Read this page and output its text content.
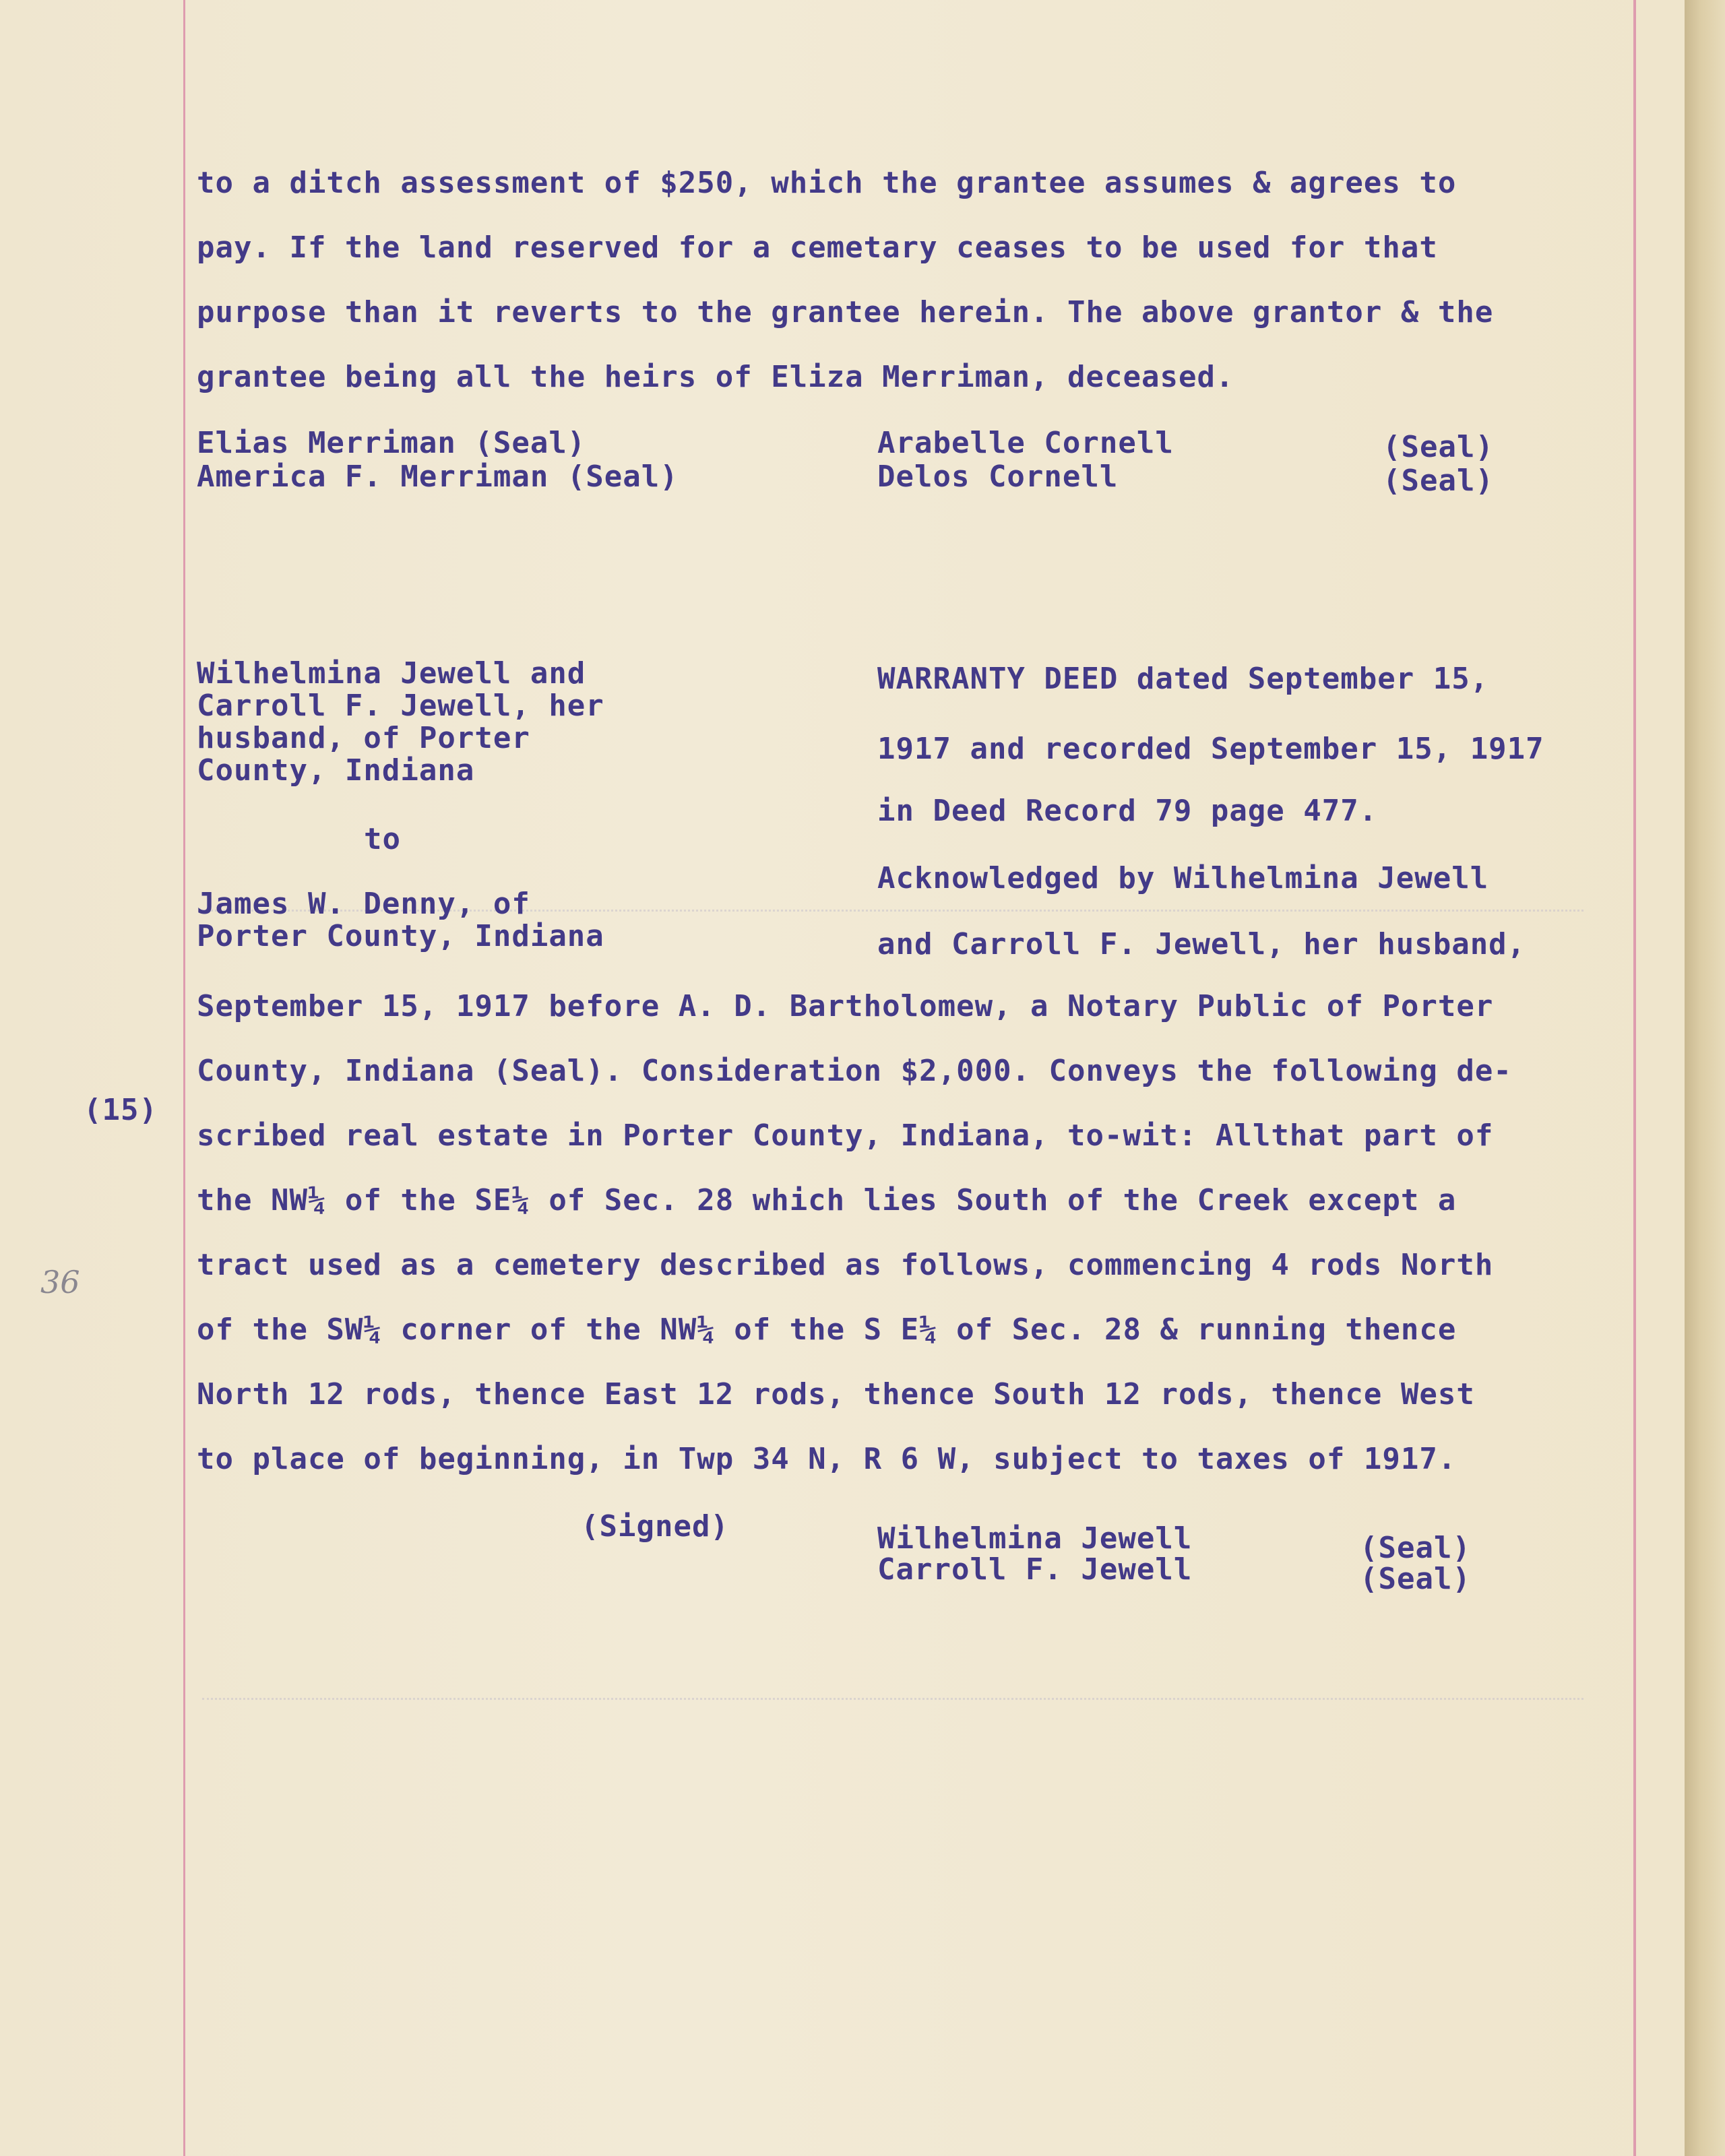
to a ditch assessment of $250, which the grantee assumes & agrees to
pay. If the land reserved for a cemetary ceases to be used for that
purpose than it reverts to the grantee herein. The above grantor & the
grantee being all the heirs of Eliza Merriman, deceased.
Elias Merriman (Seal)
America F. Merriman (Seal)
Arabelle Cornell
Delos Cornell
(Seal)
(Seal)
Wilhelmina Jewell and
Carroll F. Jewell, her
husband, of Porter
County, Indiana
to
James W. Denny, of
Porter County, Indiana
WARRANTY DEED dated September 15,
1917 and recorded September 15, 1917
in Deed Record 79 page 477.
Acknowledged by Wilhelmina Jewell
and Carroll F. Jewell, her husband,
September 15, 1917 before A. D. Bartholomew, a Notary Public of Porter
County, Indiana (Seal). Consideration $2,000. Conveys the following de-
scribed real estate in Porter County, Indiana, to-wit: Allthat part of
the NW¼ of the SE¼ of Sec. 28 which lies South of the Creek except a
tract used as a cemetery described as follows, commencing 4 rods North
of the SW¼ corner of the NW¼ of the S E¼ of Sec. 28 & running thence
North 12 rods, thence East 12 rods, thence South 12 rods, thence West
to place of beginning, in Twp 34 N, R 6 W, subject to taxes of 1917.
(15)
36
(Signed)	Wilhelmina Jewell
Carroll F. Jewell
(Seal)
(Seal)
